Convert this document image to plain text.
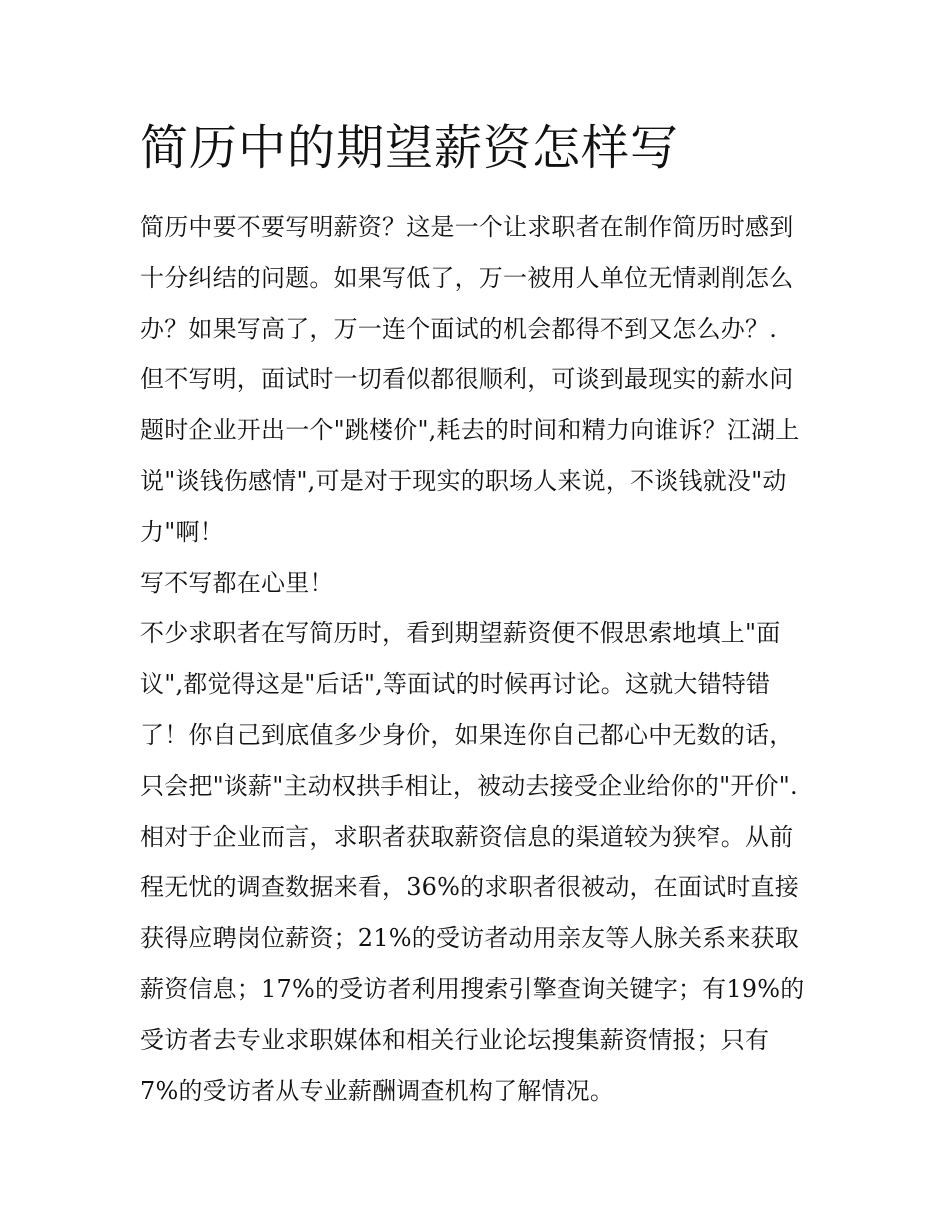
简历中的期望薪资怎样写
简历中要不要写明薪资？这是一个让求职者在制作简历时感到
十分纠结的问题。如果写低了，万一被用人单位无情剥削怎么
办？如果写高了，万一连个面试的机会都得不到又怎么办？.
但不写明，面试时一切看似都很顺利，可谈到最现实的薪水问
题时企业开出一个"跳楼价",耗去的时间和精力向谁诉？江湖上
说"谈钱伤感情",可是对于现实的职场人来说，不谈钱就没"动
力"啊！
写不写都在心里！
不少求职者在写简历时，看到期望薪资便不假思索地填上"面
议",都觉得这是"后话",等面试的时候再讨论。这就大错特错
了！你自己到底值多少身价，如果连你自己都心中无数的话，
只会把"谈薪"主动权拱手相让，被动去接受企业给你的"开价".
相对于企业而言，求职者获取薪资信息的渠道较为狭窄。从前
程无忧的调查数据来看，36%的求职者很被动，在面试时直接
获得应聘岗位薪资；21%的受访者动用亲友等人脉关系来获取
薪资信息；17%的受访者利用搜索引擎查询关键字；有19%的
受访者去专业求职媒体和相关行业论坛搜集薪资情报；只有
7%的受访者从专业薪酬调查机构了解情况。
